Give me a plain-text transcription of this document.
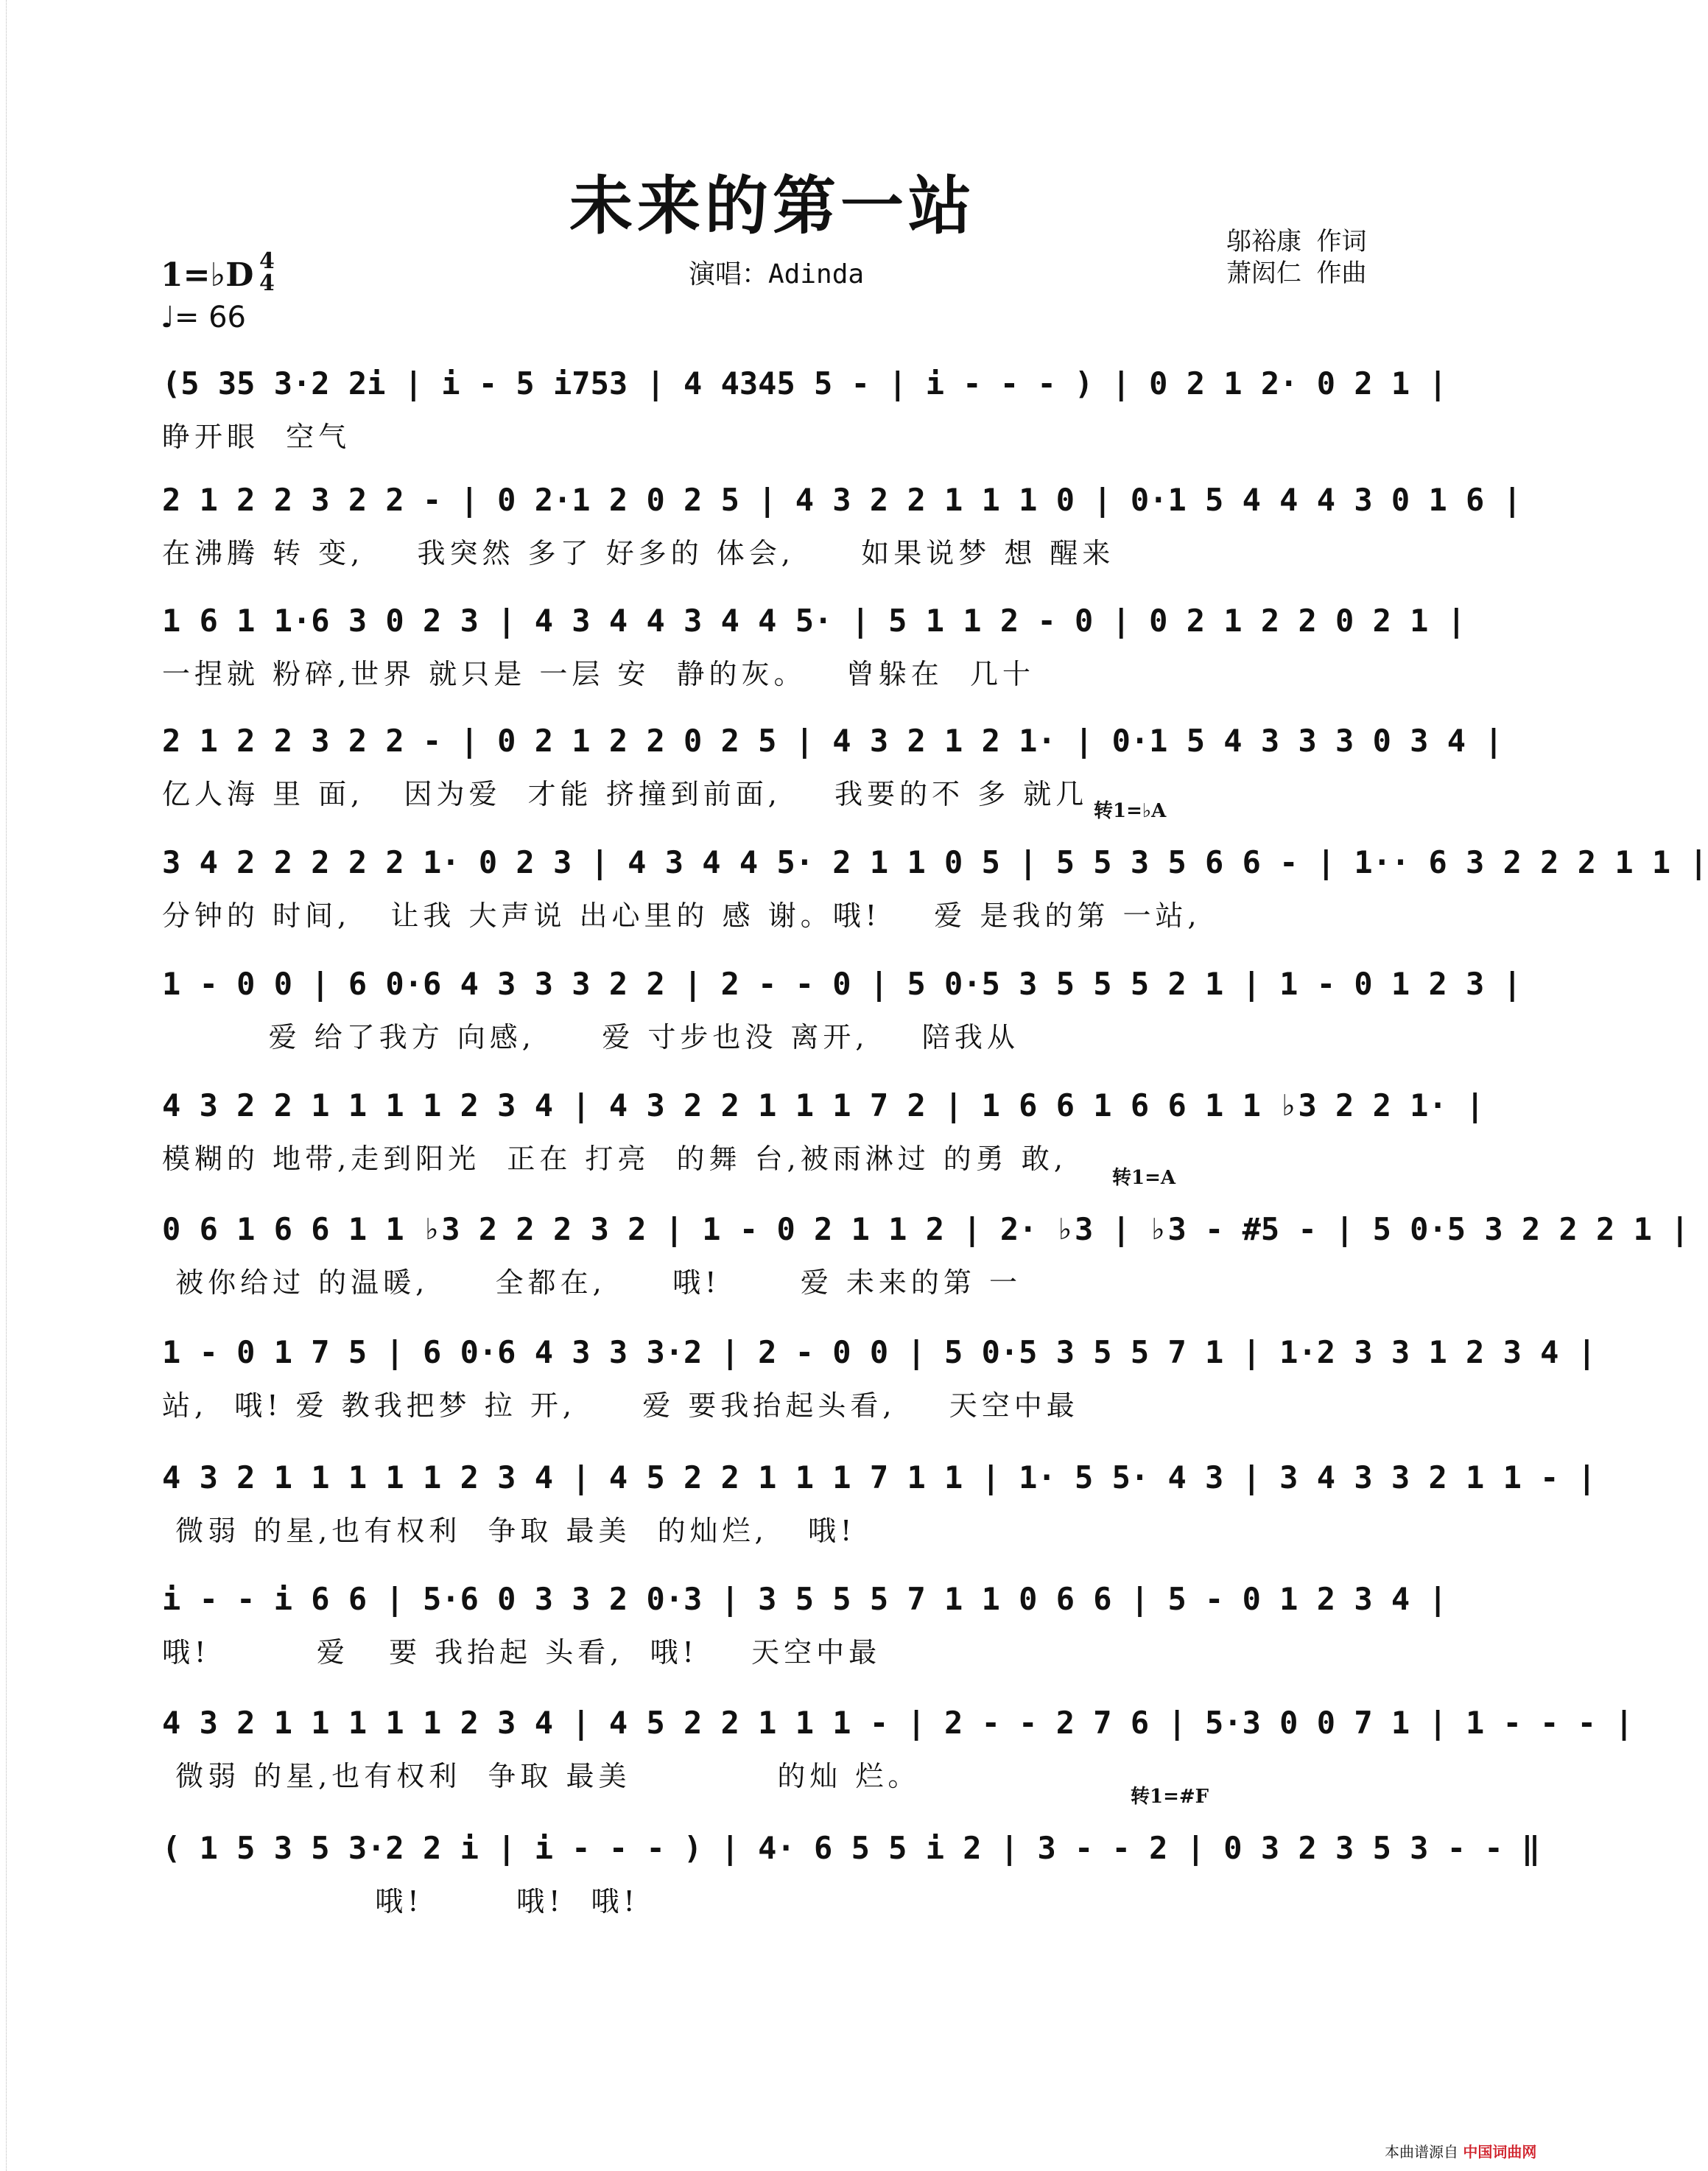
未来的第一站
演唱：Adinda
邬裕康 作词
萧闳仁 作曲
1=♭D 4
4
♩= 66
(5 35 3·2 2i | i - 5 i753 | 4 4345 5 - | i - - - ) | 0 2 1 2· 0 2 1 |
睁开眼  空气
2 1 2 2 3 2 2 - | 0 2·1 2 0 2 5 | 4 3 2 2 1 1 1 0 | 0·1 5 4 4 4 3 0 1 6 |
在沸腾 转 变,    我突然 多了 好多的 体会,     如果说梦 想 醒来
1 6 1 1·6 3 0 2 3 | 4 3 4 4 3 4 4 5· | 5 1 1 2 - 0 | 0 2 1 2 2 0 2 1 |
一捏就 粉碎,世界 就只是 一层 安  静的灰。   曾躲在  几十
2 1 2 2 3 2 2 - | 0 2 1 2 2 0 2 5 | 4 3 2 1 2 1· | 0·1 5 4 3 3 3 0 3 4 |
亿人海 里 面,   因为爱  才能 挤撞到前面,    我要的不 多 就几
3 4 2 2 2 2 2 1· 0 2 3 | 4 3 4 4 5· 2 1 1 0 5 | 5 5 3 5 6 6 - | 1·· 6 3 2 2 2 1 1 |
分钟的 时间,   让我 大声说 出心里的 感 谢。哦!    爱 是我的第 一站,
转1=♭A
1 - 0 0 | 6 0·6 4 3 3 3 2 2 | 2 - - 0 | 5 0·5 3 5 5 5 2 1 | 1 - 0 1 2 3 |
爱 给了我方 向感,     爱 寸步也没 离开,    陪我从
4 3 2 2 1 1 1 1 2 3 4 | 4 3 2 2 1 1 1 7 2 | 1 6 6 1 6 6 1 1 ♭3 2 2 1· |
模糊的 地带,走到阳光  正在 打亮  的舞 台,被雨淋过 的勇 敢,
0 6 1 6 6 1 1 ♭3 2 2 2 3 2 | 1 - 0 2 1 1 2 | 2· ♭3 | ♭3 - #5 - | 5 0·5 3 2 2 2 1 |
被你给过 的温暖,     全都在,     哦!      爱 未来的第 一
转1=A
1 - 0 1 7 5 | 6 0·6 4 3 3 3·2 | 2 - 0 0 | 5 0·5 3 5 5 7 1 | 1·2 3 3 1 2 3 4 |
站,  哦! 爱 教我把梦 拉 开,     爱 要我抬起头看,    天空中最
4 3 2 1 1 1 1 1 2 3 4 | 4 5 2 2 1 1 1 7 1 1 | 1· 5 5· 4 3 | 3 4 3 3 2 1 1 - |
微弱 的星,也有权利  争取 最美  的灿烂,   哦!
i - - i 6 6 | 5·6 0 3 3 2 0·3 | 3 5 5 5 7 1 1 0 6 6 | 5 - 0 1 2 3 4 |
哦!        爱   要 我抬起 头看,  哦!    天空中最
4 3 2 1 1 1 1 1 2 3 4 | 4 5 2 2 1 1 1 - | 2 - - 2 7 6 | 5·3 0 0 7 1 | 1 - - - |
微弱 的星,也有权利  争取 最美           的灿 烂。
( 1 5 3 5 3·2 2 i | i - - - ) | 4· 6 5 5 i 2 | 3 - - 2 | 0 3 2 3 5 3 - - ‖
哦!       哦!  哦!
转1=#F
本曲谱源自 中国词曲网
